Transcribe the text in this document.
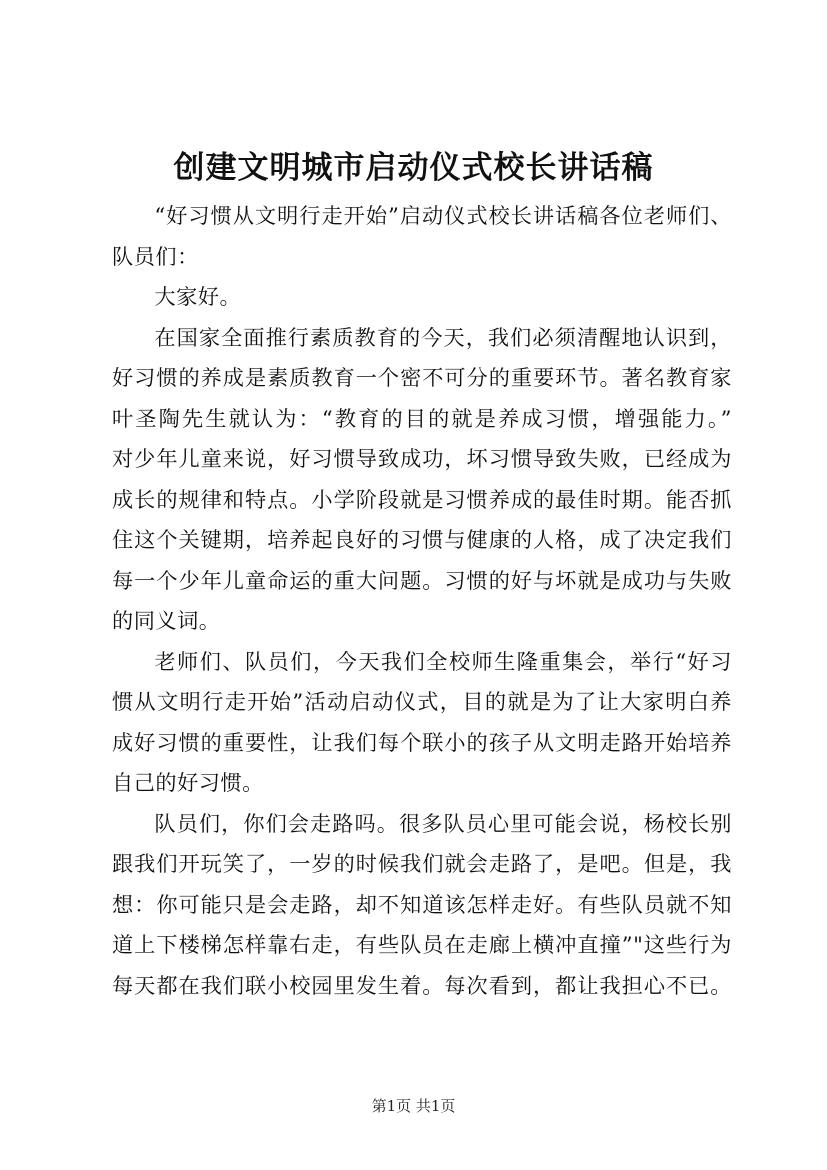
创建文明城市启动仪式校长讲话稿

“好习惯从文明行走开始”启动仪式校长讲话稿各位老师们、
队员们：

大家好。

在国家全面推行素质教育的今天，我们必须清醒地认识到，
好习惯的养成是素质教育一个密不可分的重要环节。著名教育家
叶圣陶先生就认为：“教育的目的就是养成习惯，增强能力。”
对少年儿童来说，好习惯导致成功，坏习惯导致失败，已经成为
成长的规律和特点。小学阶段就是习惯养成的最佳时期。能否抓
住这个关键期，培养起良好的习惯与健康的人格，成了决定我们
每一个少年儿童命运的重大问题。习惯的好与坏就是成功与失败
的同义词。

老师们、队员们，今天我们全校师生隆重集会，举行“好习
惯从文明行走开始”活动启动仪式，目的就是为了让大家明白养
成好习惯的重要性，让我们每个联小的孩子从文明走路开始培养
自己的好习惯。

队员们，你们会走路吗。很多队员心里可能会说，杨校长别
跟我们开玩笑了，一岁的时候我们就会走路了，是吧。但是，我
想：你可能只是会走路，却不知道该怎样走好。有些队员就不知
道上下楼梯怎样靠右走，有些队员在走廊上横冲直撞”"这些行为
每天都在我们联小校园里发生着。每次看到，都让我担心不已。

第1页 共1页
